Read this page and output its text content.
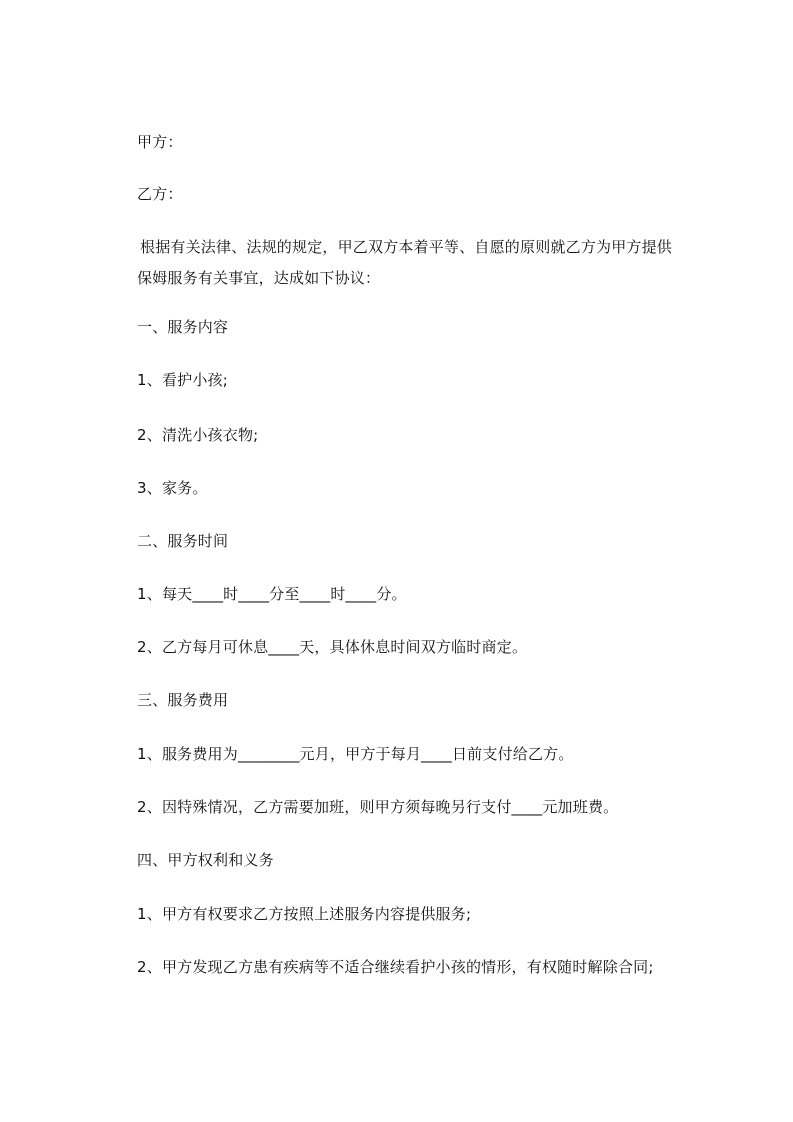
甲方：
乙方：
根据有关法律、法规的规定，甲乙双方本着平等、自愿的原则就乙方为甲方提供
保姆服务有关事宜，达成如下协议：
一、服务内容
1、看护小孩;
2、清洗小孩衣物;
3、家务。
二、服务时间
1、每天____时____分至____时____分。
2、乙方每月可休息____天，具体休息时间双方临时商定。
三、服务费用
1、服务费用为________元月，甲方于每月____日前支付给乙方。
2、因特殊情况，乙方需要加班，则甲方须每晚另行支付____元加班费。
四、甲方权利和义务
1、甲方有权要求乙方按照上述服务内容提供服务;
2、甲方发现乙方患有疾病等不适合继续看护小孩的情形，有权随时解除合同;
